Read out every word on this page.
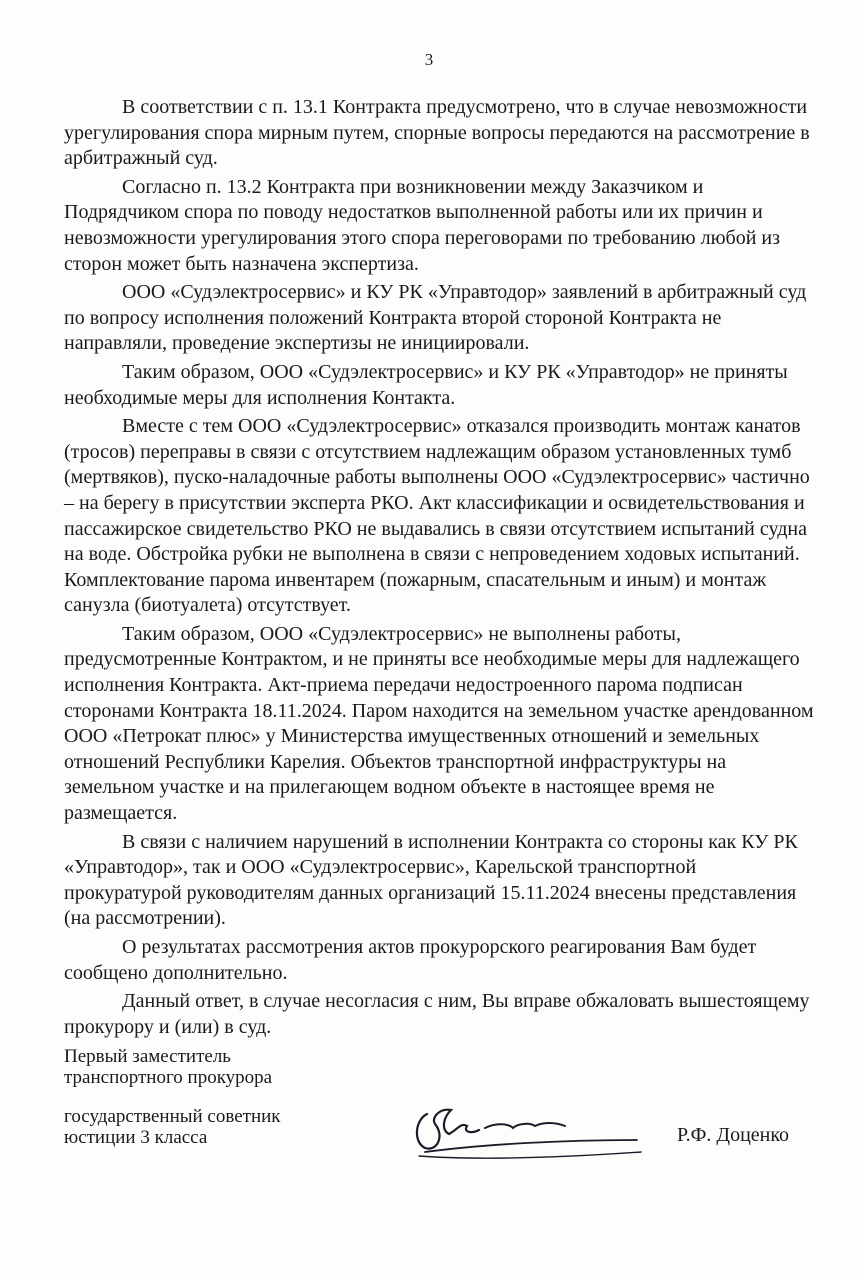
3

В соответствии с п. 13.1 Контракта предусмотрено, что в случае невозможности
урегулирования спора мирным путем, спорные вопросы передаются на рассмотрение в
арбитражный суд.

Согласно п. 13.2 Контракта при возникновении между Заказчиком и
Подрядчиком спора по поводу недостатков выполненной работы или их причин и
невозможности урегулирования этого спора переговорами по требованию любой из
сторон может быть назначена экспертиза.

ООО «Судэлектросервис» и КУ РК «Управтодор» заявлений в арбитражный суд
по вопросу исполнения положений Контракта второй стороной Контракта не
направляли, проведение экспертизы не инициировали.

Таким образом, ООО «Судэлектросервис» и КУ РК «Управтодор» не приняты
необходимые меры для исполнения Контакта.

Вместе с тем ООО «Судэлектросервис» отказался производить монтаж канатов
(тросов) переправы в связи с отсутствием надлежащим образом установленных тумб
(мертвяков), пуско-наладочные работы выполнены ООО «Судэлектросервис» частично
– на берегу в присутствии эксперта РКО. Акт классификации и освидетельствования и
пассажирское свидетельство РКО не выдавались в связи отсутствием испытаний судна
на воде. Обстройка рубки не выполнена в связи с непроведением ходовых испытаний.
Комплектование парома инвентарем (пожарным, спасательным и иным) и монтаж
санузла (биотуалета) отсутствует.

Таким образом, ООО «Судэлектросервис» не выполнены работы,
предусмотренные Контрактом, и не приняты все необходимые меры для надлежащего
исполнения Контракта. Акт-приема передачи недостроенного парома подписан
сторонами Контракта 18.11.2024. Паром находится на земельном участке арендованном
ООО «Петрокат плюс» у Министерства имущественных отношений и земельных
отношений Республики Карелия. Объектов транспортной инфраструктуры на
земельном участке и на прилегающем водном объекте в настоящее время не
размещается.

В связи с наличием нарушений в исполнении Контракта со стороны как КУ РК
«Управтодор», так и ООО «Судэлектросервис», Карельской транспортной
прокуратурой руководителям данных организаций 15.11.2024 внесены представления
(на рассмотрении).

О результатах рассмотрения актов прокурорского реагирования Вам будет
сообщено дополнительно.

Данный ответ, в случае несогласия с ним, Вы вправе обжаловать вышестоящему
прокурору и (или) в суд.

Первый заместитель
транспортного прокурора
государственный советник
юстиции 3 класса	Р.Ф. Доценко
